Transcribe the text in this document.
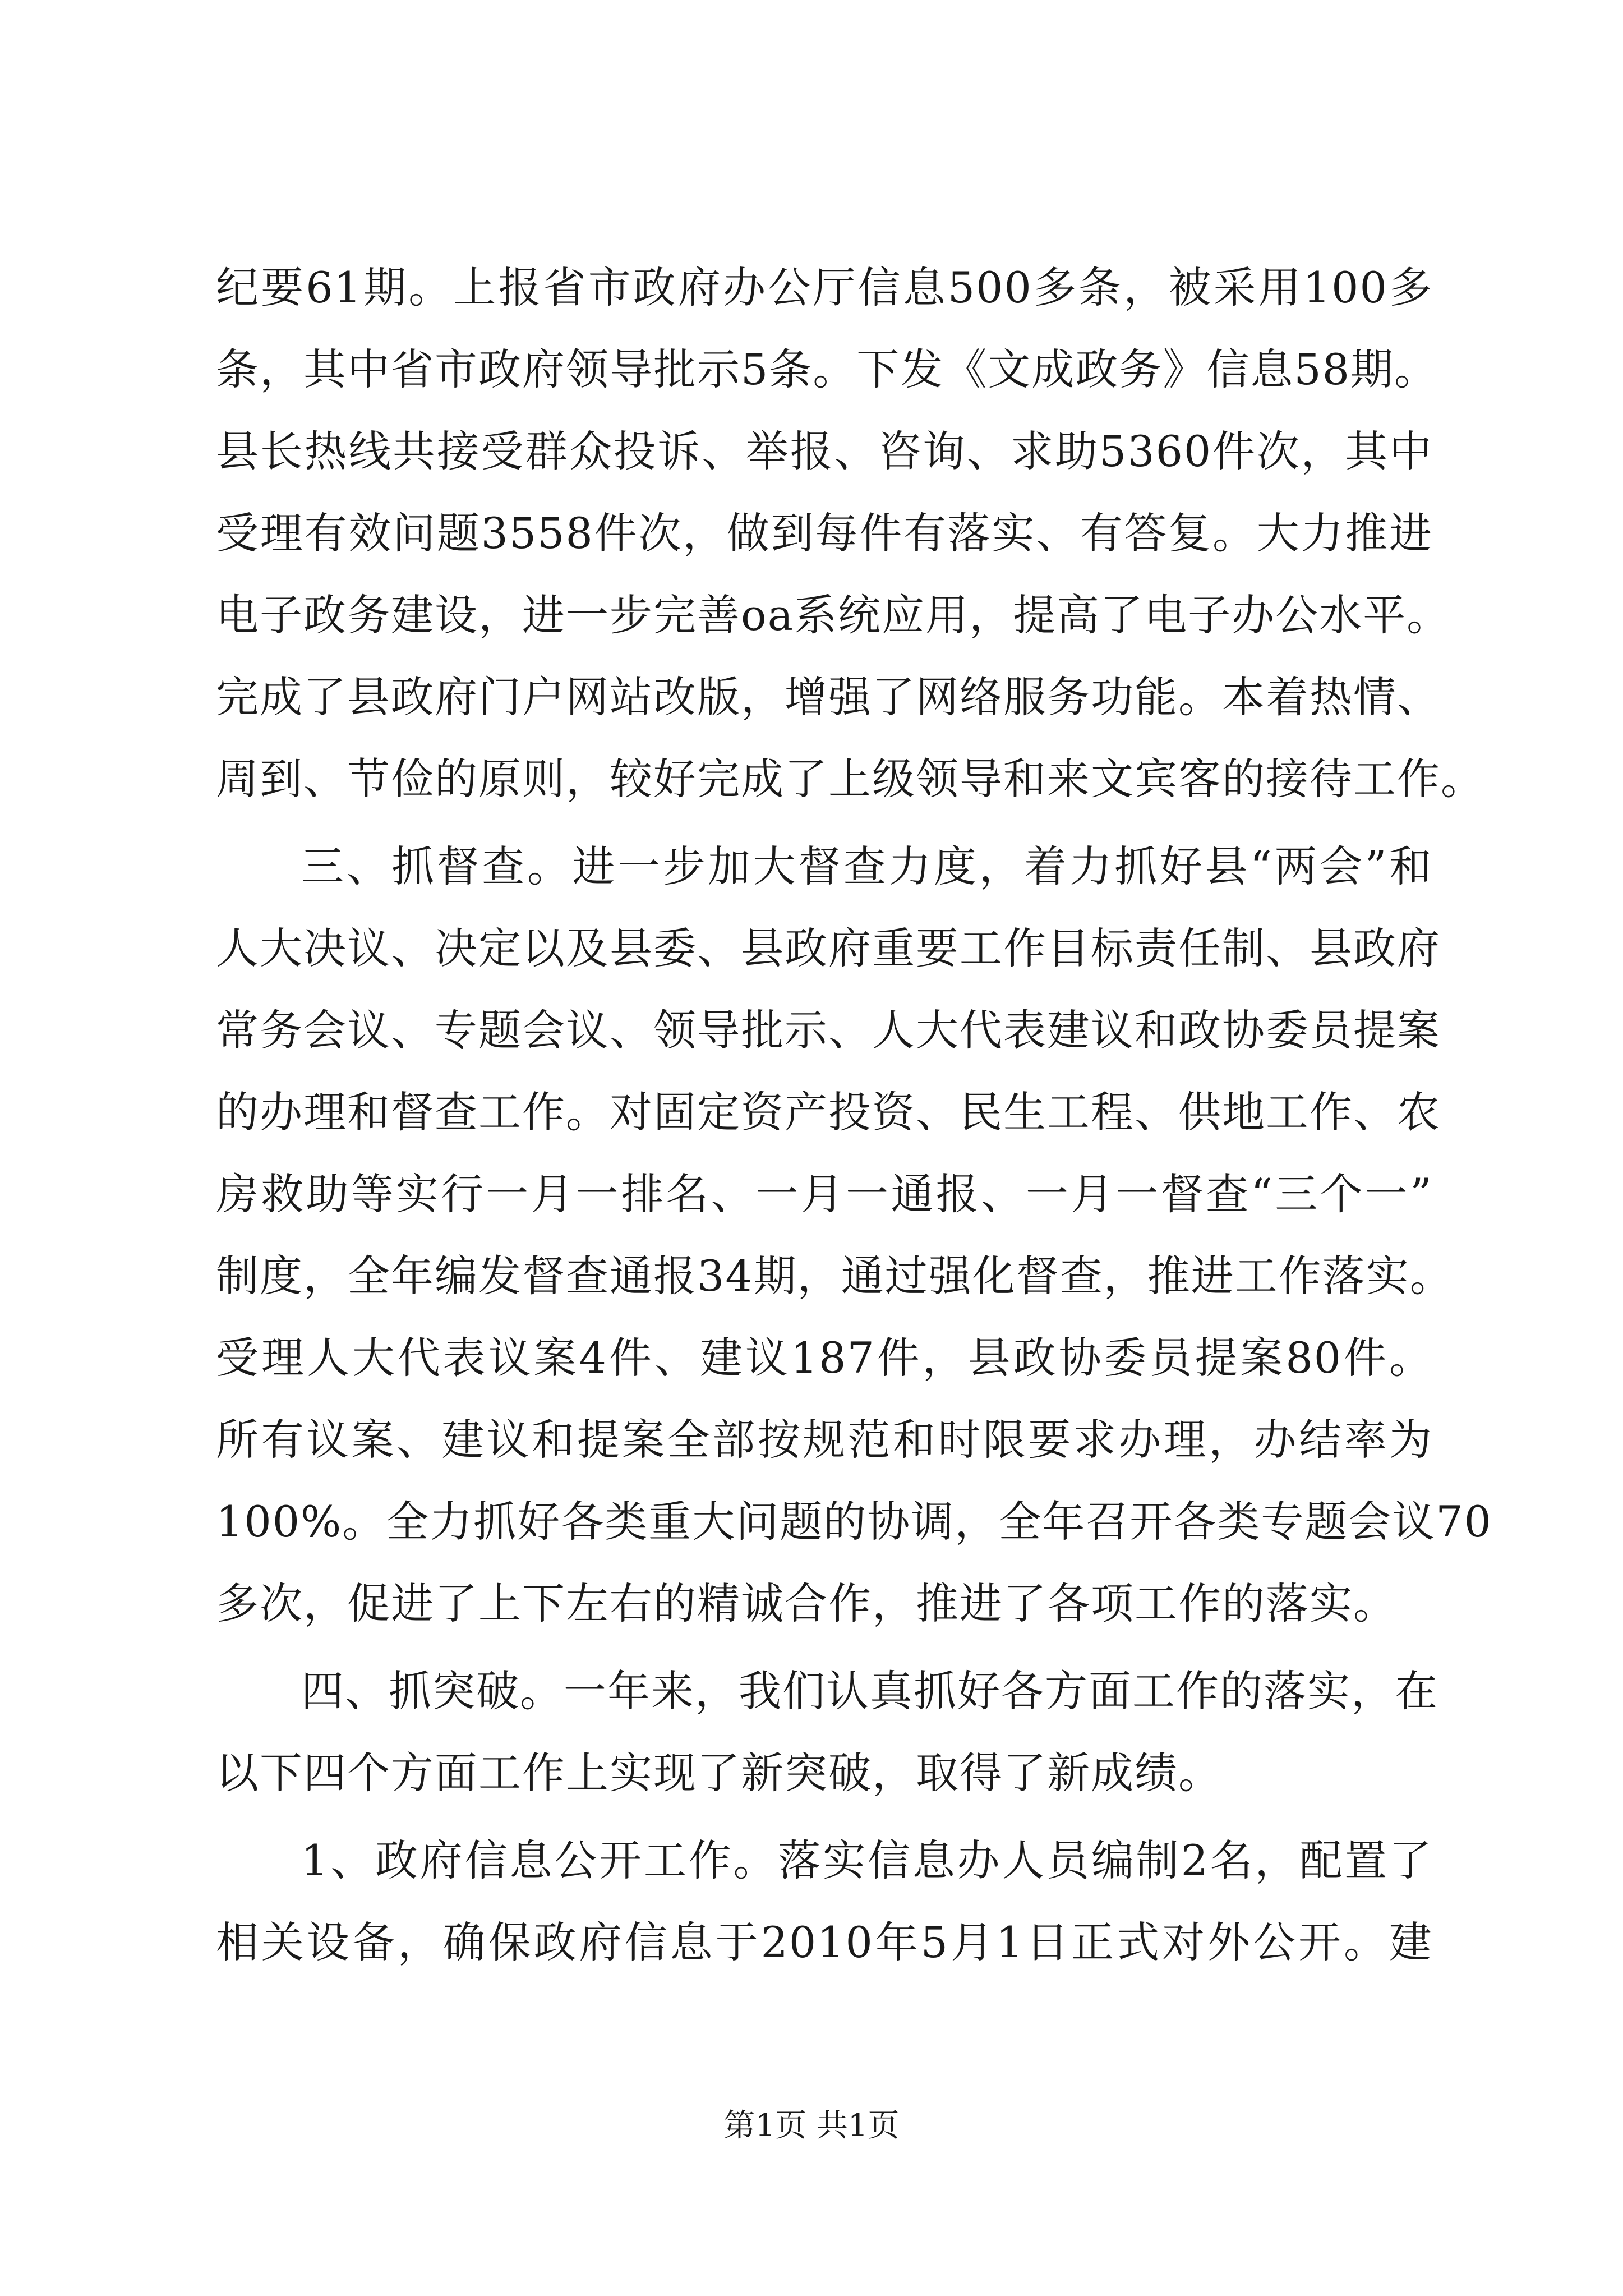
纪要61期。上报省市政府办公厅信息500多条，被采用100多
条，其中省市政府领导批示5条。下发《文成政务》信息58期。
县长热线共接受群众投诉、举报、咨询、求助5360件次，其中
受理有效问题3558件次，做到每件有落实、有答复。大力推进
电子政务建设，进一步完善oa系统应用，提高了电子办公水平。
完成了县政府门户网站改版，增强了网络服务功能。本着热情、
周到、节俭的原则，较好完成了上级领导和来文宾客的接待工作。
三、抓督查。进一步加大督查力度，着力抓好县“两会”和
人大决议、决定以及县委、县政府重要工作目标责任制、县政府
常务会议、专题会议、领导批示、人大代表建议和政协委员提案
的办理和督查工作。对固定资产投资、民生工程、供地工作、农
房救助等实行一月一排名、一月一通报、一月一督查“三个一”
制度，全年编发督查通报34期，通过强化督查，推进工作落实。
受理人大代表议案4件、建议187件，县政协委员提案80件。
所有议案、建议和提案全部按规范和时限要求办理，办结率为
100%。全力抓好各类重大问题的协调，全年召开各类专题会议70
多次，促进了上下左右的精诚合作，推进了各项工作的落实。
四、抓突破。一年来，我们认真抓好各方面工作的落实，在
以下四个方面工作上实现了新突破，取得了新成绩。
1、政府信息公开工作。落实信息办人员编制2名，配置了
相关设备，确保政府信息于2010年5月1日正式对外公开。建
第1页 共1页
